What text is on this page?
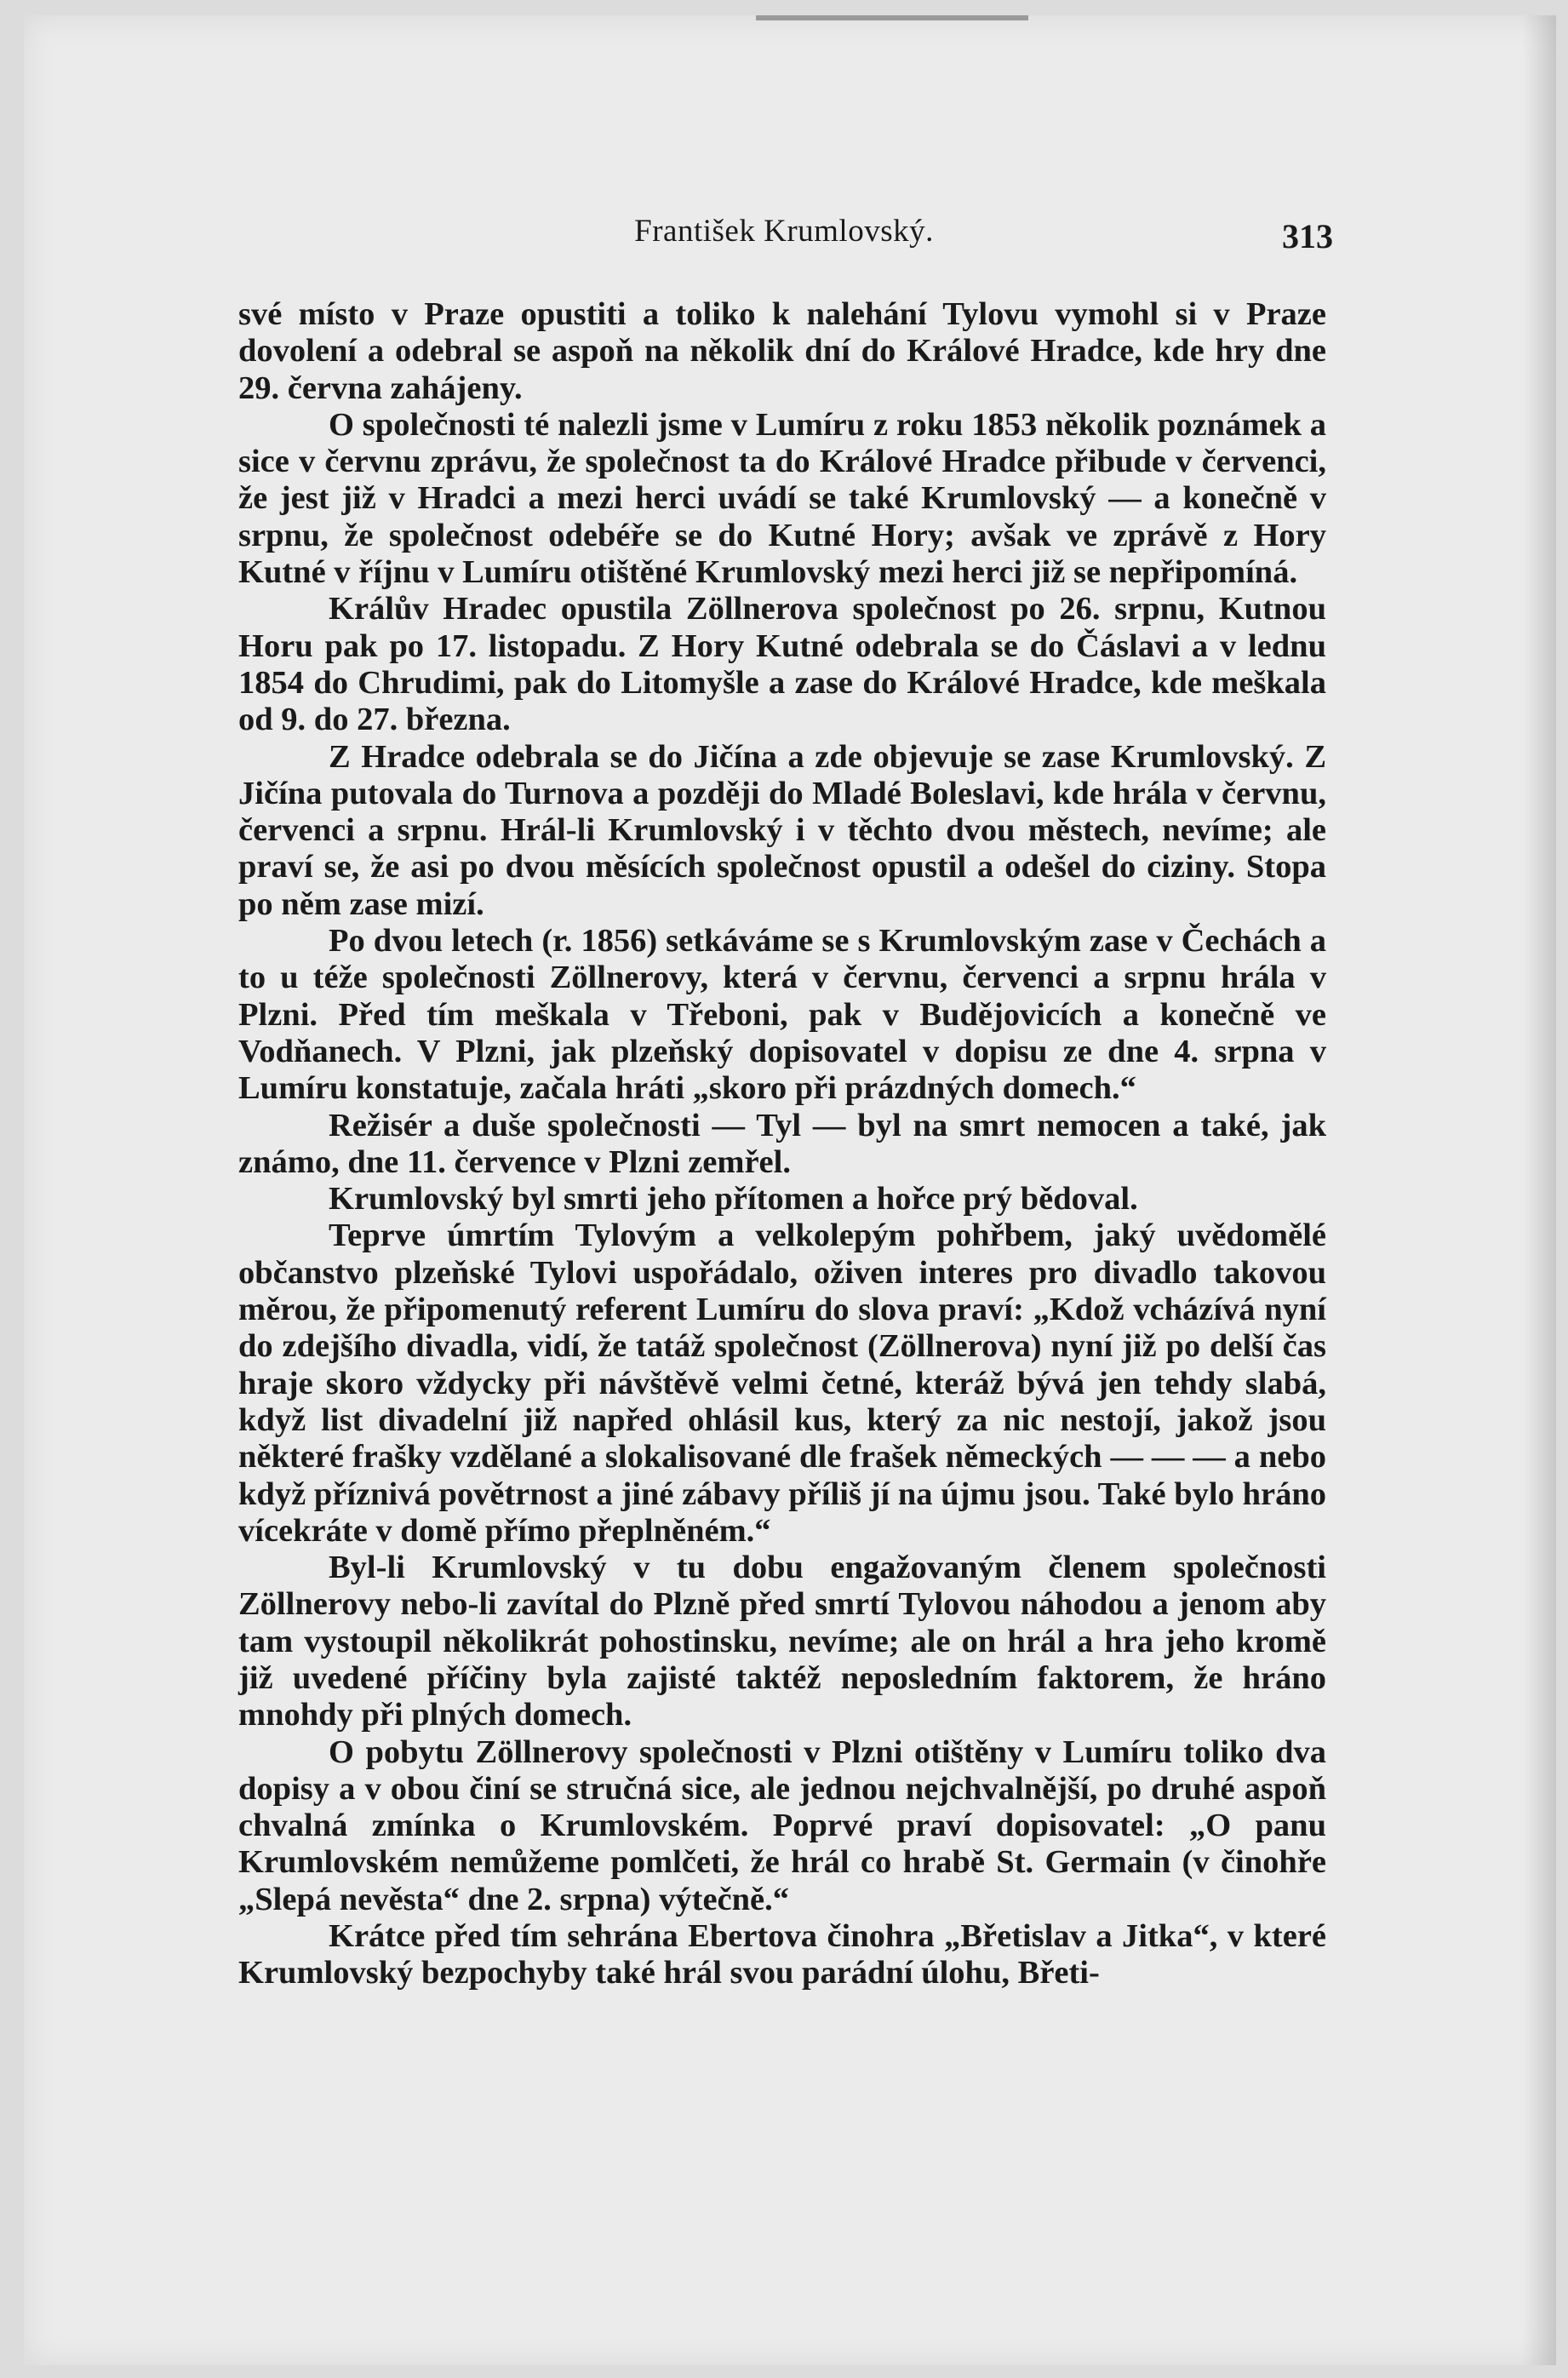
František Krumlovský.	313

své místo v Praze opustiti a toliko k nalehání Tylovu vymohl si v Praze dovolení a odebral se aspoň na několik dní do Králové Hradce, kde hry dne 29. června zahájeny.

O společnosti té nalezli jsme v Lumíru z roku 1853 několik poznámek a sice v červnu zprávu, že společnost ta do Králové Hradce přibude v červenci, že jest již v Hradci a mezi herci uvádí se také Krumlovský — a konečně v srpnu, že společnost odebéře se do Kutné Hory; avšak ve zprávě z Hory Kutné v říjnu v Lumíru otištěné Krumlovský mezi herci již se nepřipomíná.

Králův Hradec opustila Zöllnerova společnost po 26. srpnu, Kutnou Horu pak po 17. listopadu. Z Hory Kutné odebrala se do Čáslavi a v lednu 1854 do Chrudimi, pak do Litomyšle a zase do Králové Hradce, kde meškala od 9. do 27. března.

Z Hradce odebrala se do Jičína a zde objevuje se zase Krumlovský. Z Jičína putovala do Turnova a později do Mladé Boleslavi, kde hrála v červnu, červenci a srpnu. Hrál-li Krumlovský i v těchto dvou městech, nevíme; ale praví se, že asi po dvou měsících společnost opustil a odešel do ciziny. Stopa po něm zase mizí.

Po dvou letech (r. 1856) setkáváme se s Krumlovským zase v Čechách a to u téže společnosti Zöllnerovy, která v červnu, červenci a srpnu hrála v Plzni. Před tím meškala v Třeboni, pak v Budějovicích a konečně ve Vodňanech. V Plzni, jak plzeňský dopisovatel v dopisu ze dne 4. srpna v Lumíru konstatuje, začala hráti „skoro při prázdných domech.“

Režisér a duše společnosti — Tyl — byl na smrt nemocen a také, jak známo, dne 11. července v Plzni zemřel.

Krumlovský byl smrti jeho přítomen a hořce prý bědoval.

Teprve úmrtím Tylovým a velkolepým pohřbem, jaký uvědomělé občanstvo plzeňské Tylovi uspořádalo, oživen interes pro divadlo takovou měrou, že připomenutý referent Lumíru do slova praví: „Kdož vcházívá nyní do zdejšího divadla, vidí, že tatáž společnost (Zöllnerova) nyní již po delší čas hraje skoro vždycky při návštěvě velmi četné, kteráž bývá jen tehdy slabá, když list divadelní již napřed ohlásil kus, který za nic nestojí, jakož jsou některé frašky vzdělané a slokalisované dle frašek německých — — — a nebo když příznivá povětrnost a jiné zábavy příliš jí na újmu jsou. Také bylo hráno vícekráte v domě přímo přeplněném.“

Byl-li Krumlovský v tu dobu engažovaným členem společnosti Zöllnerovy nebo-li zavítal do Plzně před smrtí Tylovou náhodou a jenom aby tam vystoupil několikrát pohostinsku, nevíme; ale on hrál a hra jeho kromě již uvedené příčiny byla zajisté taktéž neposledním faktorem, že hráno mnohdy při plných domech.

O pobytu Zöllnerovy společnosti v Plzni otištěny v Lumíru toliko dva dopisy a v obou činí se stručná sice, ale jednou nejchvalnější, po druhé aspoň chvalná zmínka o Krumlovském. Poprvé praví dopisovatel: „O panu Krumlovském nemůžeme pomlčeti, že hrál co hrabě St. Germain (v činohře „Slepá nevěsta“ dne 2. srpna) výtečně.“

Krátce před tím sehrána Ebertova činohra „Břetislav a Jitka“, v které Krumlovský bezpochyby také hrál svou parádní úlohu, Břeti-
